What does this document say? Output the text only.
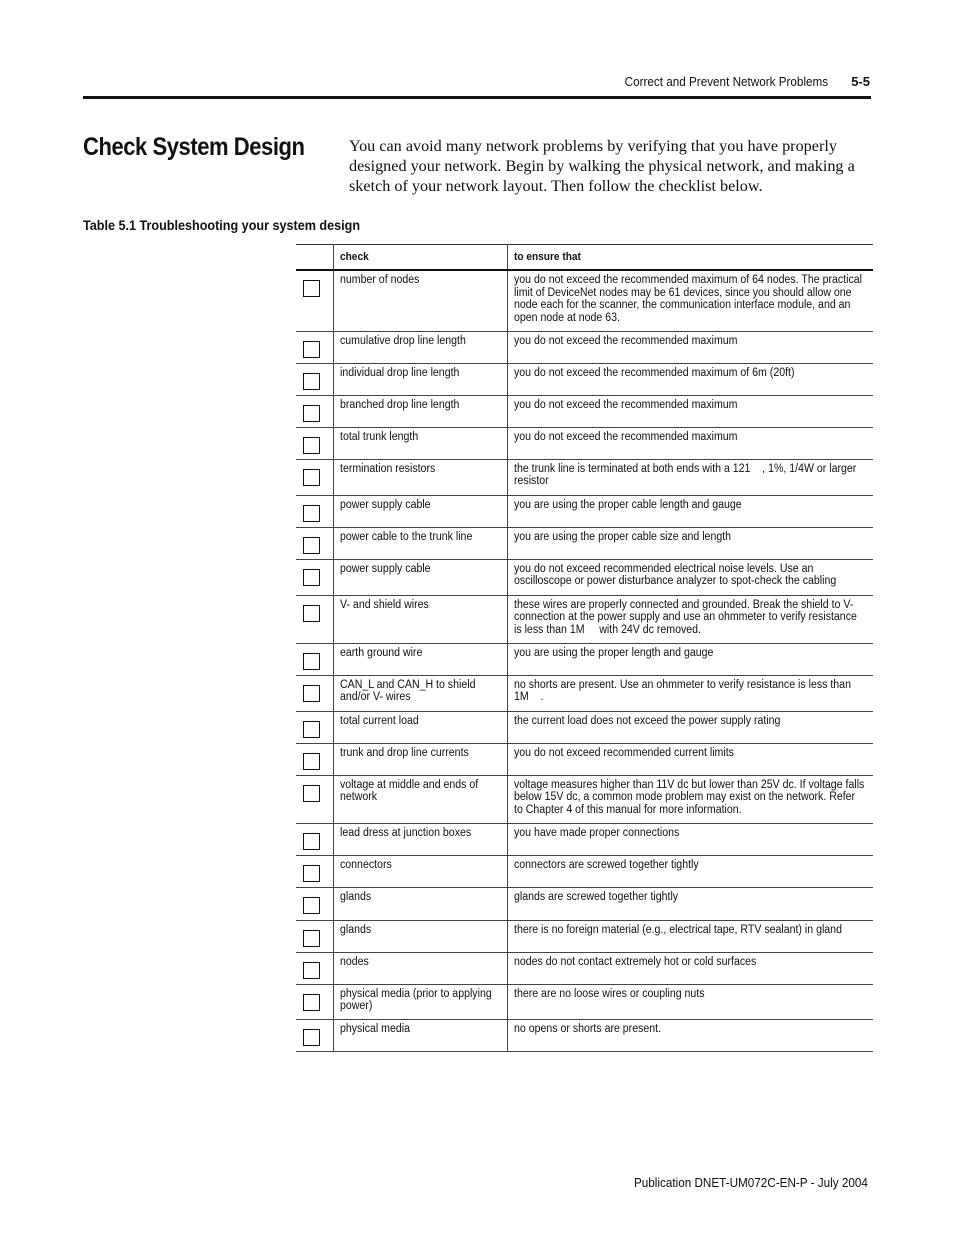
Correct and Prevent Network Problems 5-5
Check System Design	You can avoid many network problems by verifying that you have properly designed your network. Begin by walking the physical network, and making a sketch of your network layout. Then follow the checklist below.

Table 5.1 Troubleshooting your system design

	check	to ensure that

	number of nodes	you do not exceed the recommended maximum of 64 nodes. The practical limit of DeviceNet nodes may be 61 devices, since you should allow one node each for the scanner, the communication interface module, and an open node at node 63.

	cumulative drop line length	you do not exceed the recommended maximum

	individual drop line length	you do not exceed the recommended maximum of 6m (20ft)

	branched drop line length	you do not exceed the recommended maximum

	total trunk length	you do not exceed the recommended maximum

	termination resistors	the trunk line is terminated at both ends with a 121    , 1%, 1/4W or larger resistor

	power supply cable	you are using the proper cable length and gauge

	power cable to the trunk line	you are using the proper cable size and length

	power supply cable	you do not exceed recommended electrical noise levels. Use an oscilloscope or power disturbance analyzer to spot-check the cabling

	V- and shield wires	these wires are properly connected and grounded. Break the shield to V- connection at the power supply and use an ohmmeter to verify resistance is less than 1M     with 24V dc removed.

	earth ground wire	you are using the proper length and gauge

	CAN_L and CAN_H to shield and/or V- wires	no shorts are present. Use an ohmmeter to verify resistance is less than 1M    .

	total current load	the current load does not exceed the power supply rating

	trunk and drop line currents	you do not exceed recommended current limits

	voltage at middle and ends of network	voltage measures higher than 11V dc but lower than 25V dc. If voltage falls below 15V dc, a common mode problem may exist on the network. Refer to Chapter 4 of this manual for more information.

	lead dress at junction boxes	you have made proper connections

	connectors	connectors are screwed together tightly

	glands	glands are screwed together tightly

	glands	there is no foreign material (e.g., electrical tape, RTV sealant) in gland

	nodes	nodes do not contact extremely hot or cold surfaces

	physical media (prior to applying power)	there are no loose wires or coupling nuts

	physical media	no opens or shorts are present.
Publication DNET-UM072C-EN-P - July 2004
